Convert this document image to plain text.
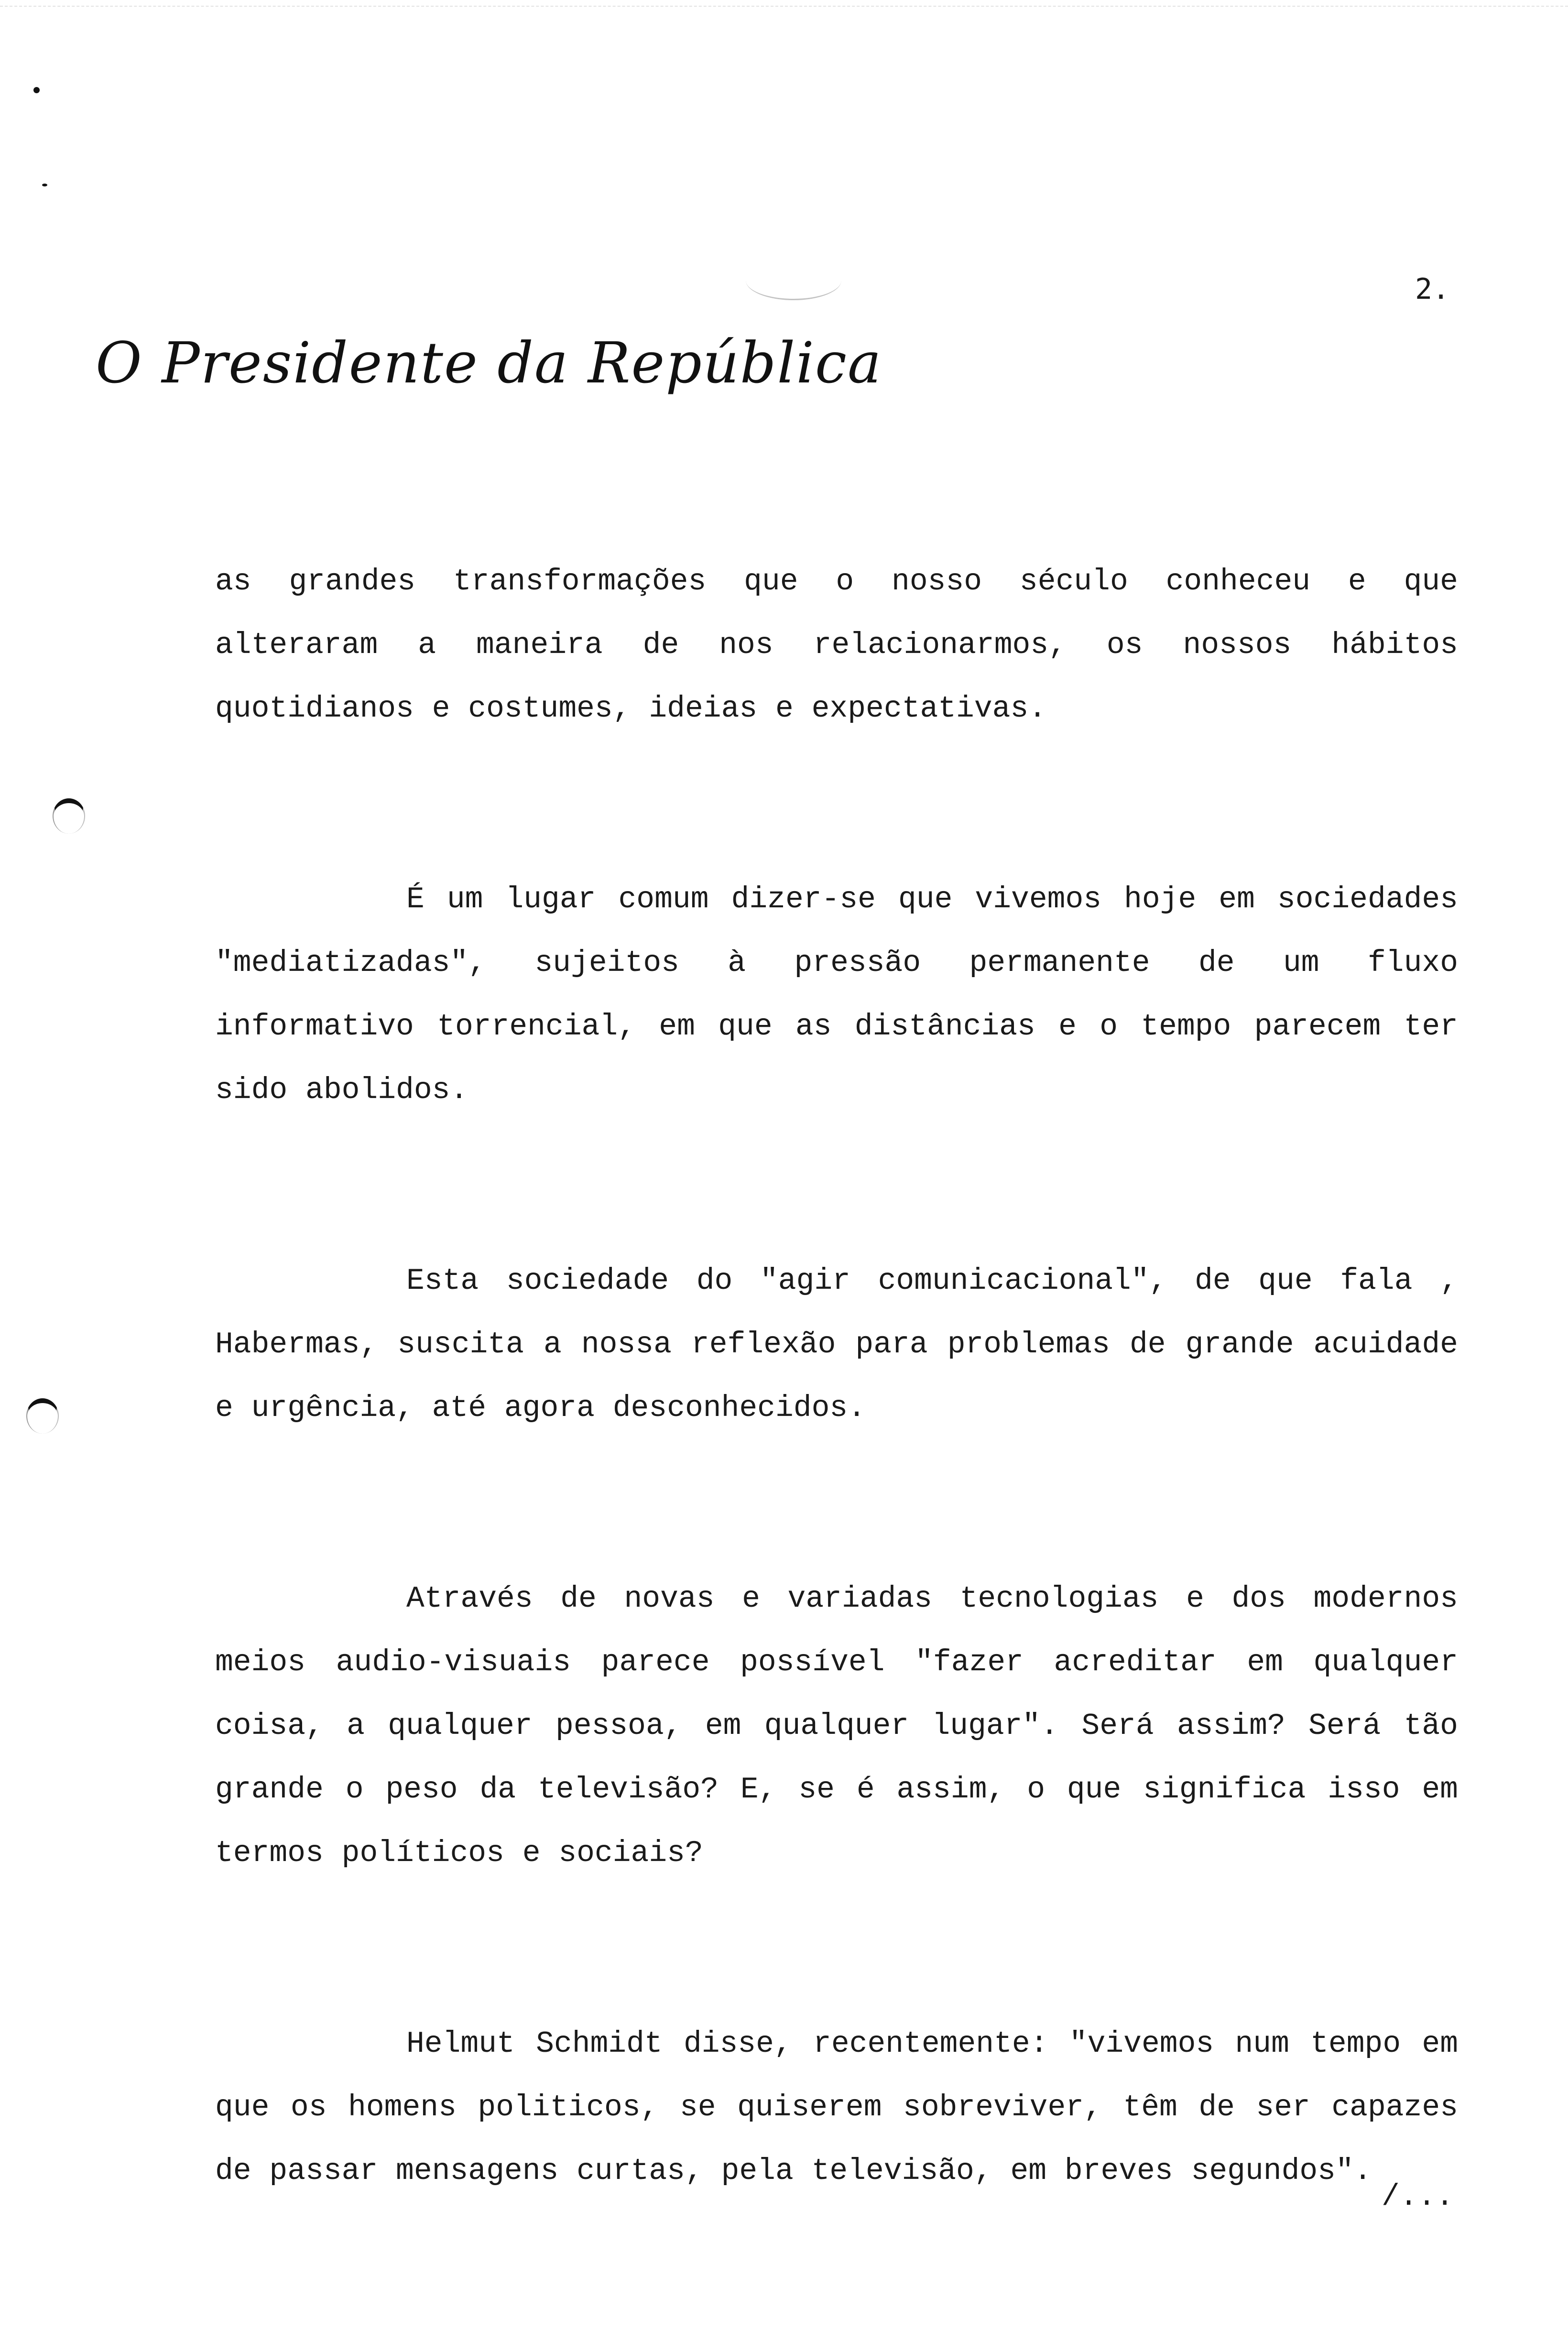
2.
O Presidente da República

as grandes transformações que o nosso século conheceu e que alteraram a maneira de nos relacionarmos, os nossos hábitos quotidianos e costumes, ideias e expectativas.

É um lugar comum dizer-se que vivemos hoje em sociedades "mediatizadas", sujeitos à pressão permanente de um fluxo informativo torrencial, em que as distâncias e o tempo parecem ter sido abolidos.

Esta sociedade do "agir comunicacional", de que fala , Habermas, suscita a nossa reflexão para problemas de grande acuidade e urgência, até agora desconhecidos.

Através de novas e variadas tecnologias e dos modernos meios audio-visuais parece possível "fazer acreditar em qualquer coisa, a qualquer pessoa, em qualquer lugar". Será assim? Será tão grande o peso da televisão? E, se é assim, o que significa isso em termos políticos e sociais?

Helmut Schmidt disse, recentemente: "vivemos num tempo em que os homens politicos, se quiserem sobreviver, têm de ser capazes de passar mensagens curtas, pela televisão, em breves segundos".

/...
